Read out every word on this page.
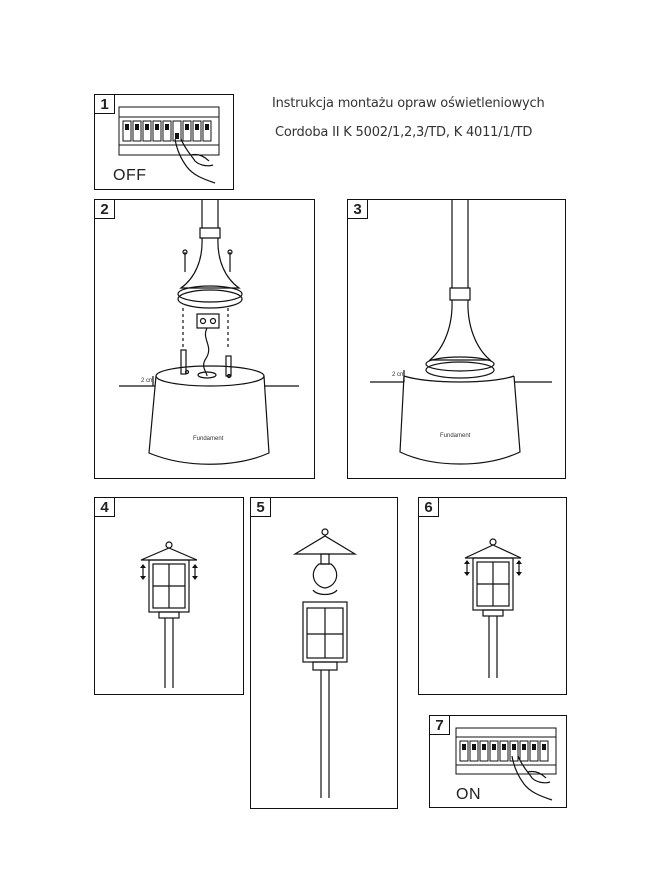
Instrukcja montażu opraw oświetleniowych
Cordoba II K 5002/1,2,3/TD, K 4011/1/TD
1
OFF
2
2 cm
Fundament
3
2 cm
Fundament
4	5	6
7
ON
